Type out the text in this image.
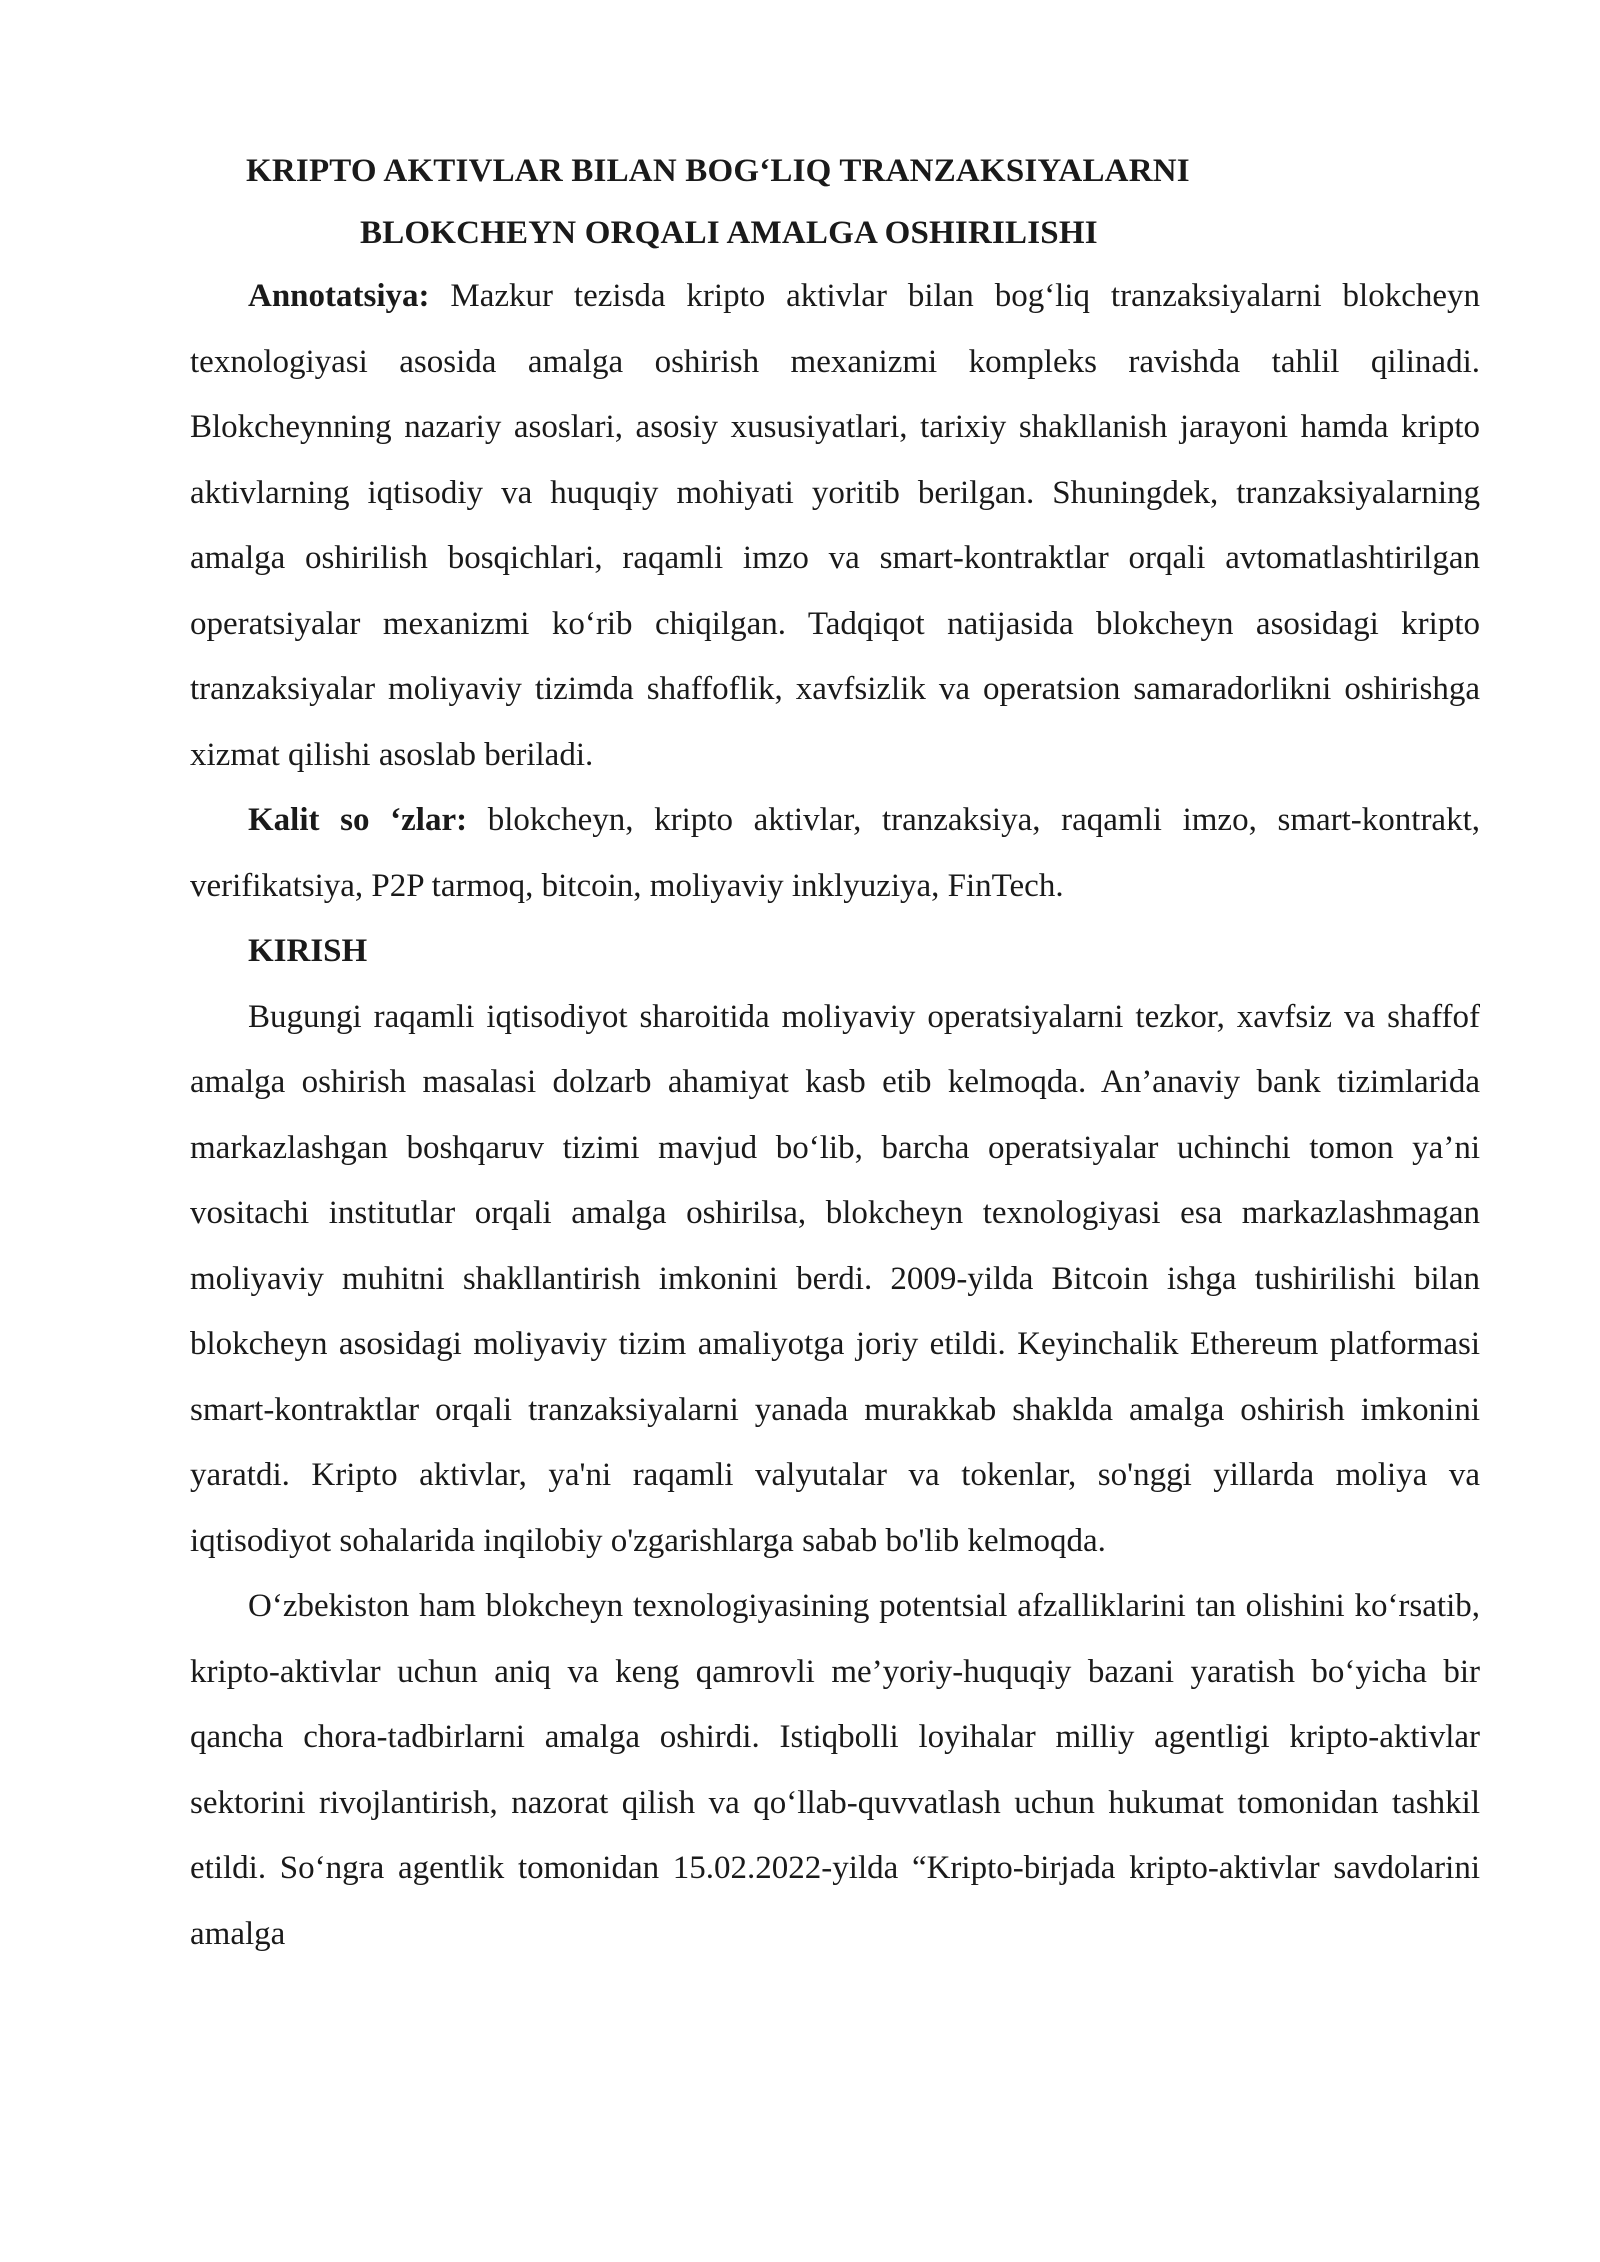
KRIPTO AKTIVLAR BILAN BOG‘LIQ TRANZAKSIYALARNI
BLOKCHEYN ORQALI AMALGA OSHIRILISHI

Annotatsiya: Mazkur tezisda kripto aktivlar bilan bog‘liq tranzaksiyalarni blokcheyn texnologiyasi asosida amalga oshirish mexanizmi kompleks ravishda tahlil qilinadi. Blokcheynning nazariy asoslari, asosiy xususiyatlari, tarixiy shakllanish jarayoni hamda kripto aktivlarning iqtisodiy va huquqiy mohiyati yoritib berilgan. Shuningdek, tranzaksiyalarning amalga oshirilish bosqichlari, raqamli imzo va smart-kontraktlar orqali avtomatlashtirilgan operatsiyalar mexanizmi ko‘rib chiqilgan. Tadqiqot natijasida blokcheyn asosidagi kripto tranzaksiyalar moliyaviy tizimda shaffoflik, xavfsizlik va operatsion samaradorlikni oshirishga xizmat qilishi asoslab beriladi.

Kalit so ‘zlar: blokcheyn, kripto aktivlar, tranzaksiya, raqamli imzo, smart-kontrakt, verifikatsiya, P2P tarmoq, bitcoin, moliyaviy inklyuziya, FinTech.

KIRISH

Bugungi raqamli iqtisodiyot sharoitida moliyaviy operatsiyalarni tezkor, xavfsiz va shaffof amalga oshirish masalasi dolzarb ahamiyat kasb etib kelmoqda. An’anaviy bank tizimlarida markazlashgan boshqaruv tizimi mavjud bo‘lib, barcha operatsiyalar uchinchi tomon ya’ni vositachi institutlar orqali amalga oshirilsa, blokcheyn texnologiyasi esa markazlashmagan moliyaviy muhitni shakllantirish imkonini berdi. 2009-yilda Bitcoin ishga tushirilishi bilan blokcheyn asosidagi moliyaviy tizim amaliyotga joriy etildi. Keyinchalik Ethereum platformasi smart-kontraktlar orqali tranzaksiyalarni yanada murakkab shaklda amalga oshirish imkonini yaratdi. Kripto aktivlar, ya'ni raqamli valyutalar va tokenlar, so'nggi yillarda moliya va iqtisodiyot sohalarida inqilobiy o'zgarishlarga sabab bo'lib kelmoqda.

O‘zbekiston ham blokcheyn texnologiyasining potentsial afzalliklarini tan olishini ko‘rsatib, kripto-aktivlar uchun aniq va keng qamrovli me’yoriy-huquqiy bazani yaratish bo‘yicha bir qancha chora-tadbirlarni amalga oshirdi. Istiqbolli loyihalar milliy agentligi kripto-aktivlar sektorini rivojlantirish, nazorat qilish va qo‘llab-quvvatlash uchun hukumat tomonidan tashkil etildi. So‘ngra agentlik tomonidan 15.02.2022-yilda “Kripto-birjada kripto-aktivlar savdolarini amalga
